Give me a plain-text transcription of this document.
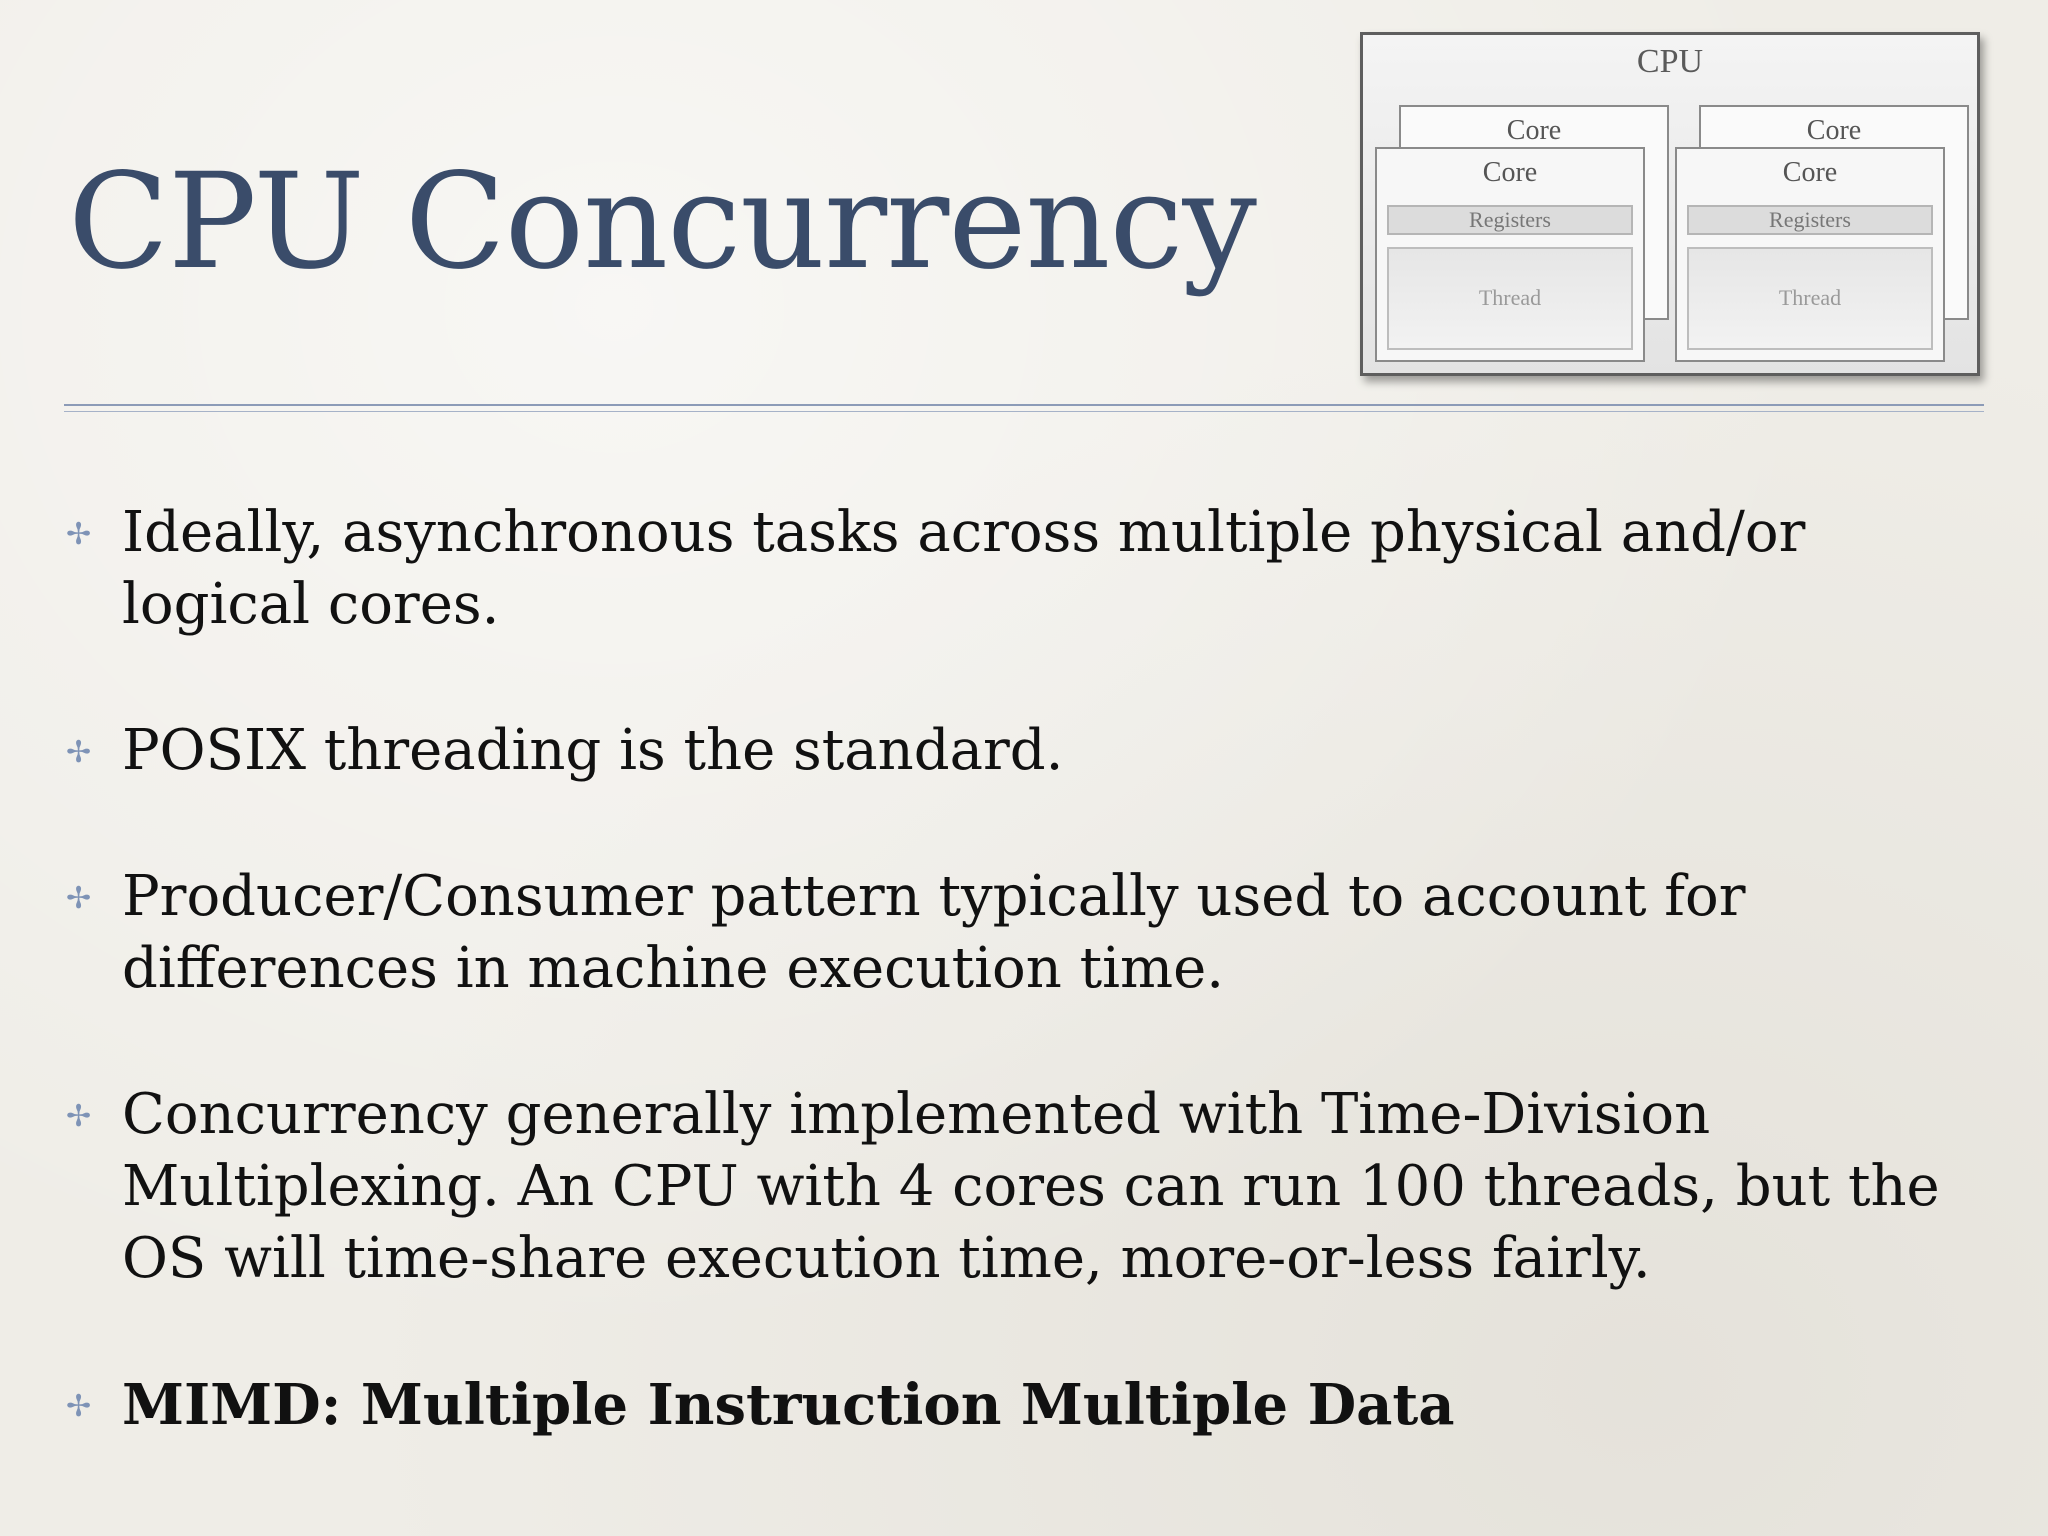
CPU Concurrency
CPU
Core	Core
Core
Registers
Thread
Core
Registers
Thread
✢ Ideally, asynchronous tasks across multiple physical and/or logical cores.
✢ POSIX threading is the standard.
✢ Producer/Consumer pattern typically used to account for differences in machine execution time.
✢ Concurrency generally implemented with Time-Division Multiplexing. An CPU with 4 cores can run 100 threads, but the OS will time-share execution time, more-or-less fairly.
✢ MIMD: Multiple Instruction Multiple Data
